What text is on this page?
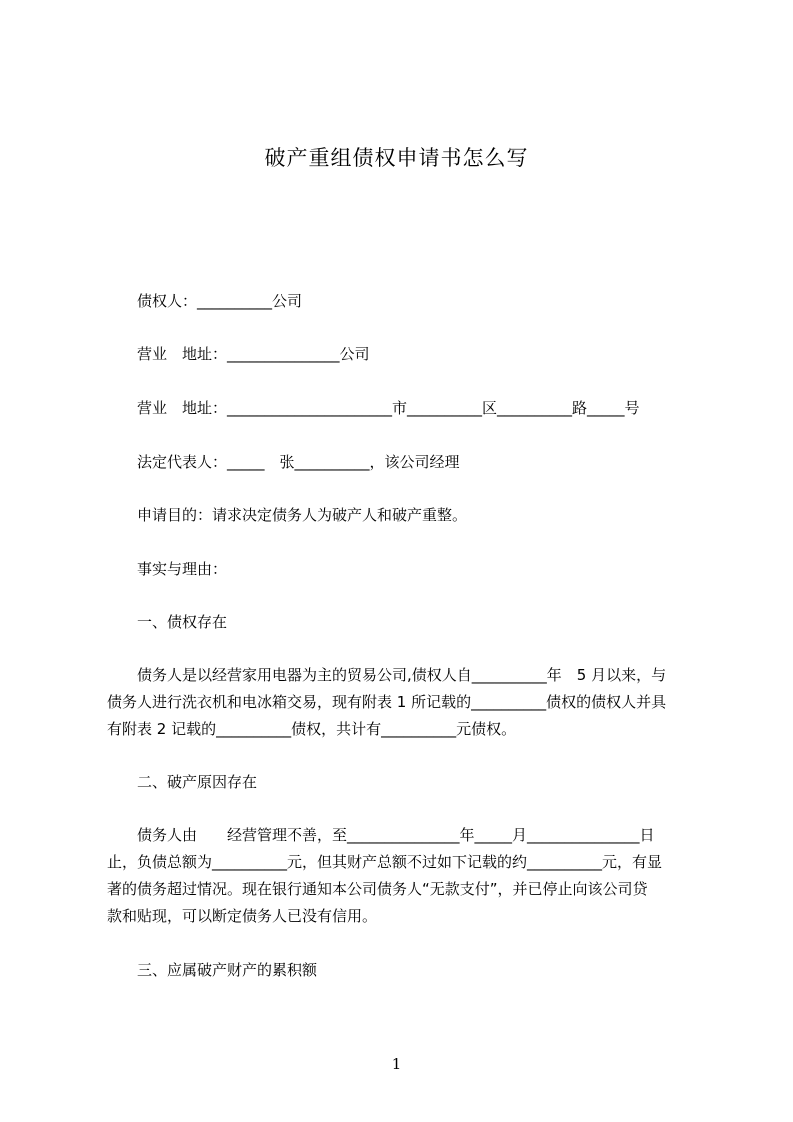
破产重组债权申请书怎么写
债权人：__________公司
营业　地址：_______________公司
营业　地址：______________________市__________区__________路_____号
法定代表人：_____　张__________，该公司经理
申请目的：请求决定债务人为破产人和破产重整。
事实与理由：
一、债权存在
　债务人是以经营家用电器为主的贸易公司,债权人自__________年　5 月以来，与
债务人进行洗衣机和电冰箱交易，现有附表 1 所记载的__________债权的债权人并具
有附表 2 记载的__________债权，共计有__________元债权。
二、破产原因存在
　债务人由　　经营管理不善，至_______________年_____月_______________日
止，负债总额为__________元，但其财产总额不过如下记载的约__________元，有显
著的债务超过情况。现在银行通知本公司债务人“无款支付”，并已停止向该公司贷
款和贴现，可以断定债务人已没有信用。
三、应属破产财产的累积额
1
